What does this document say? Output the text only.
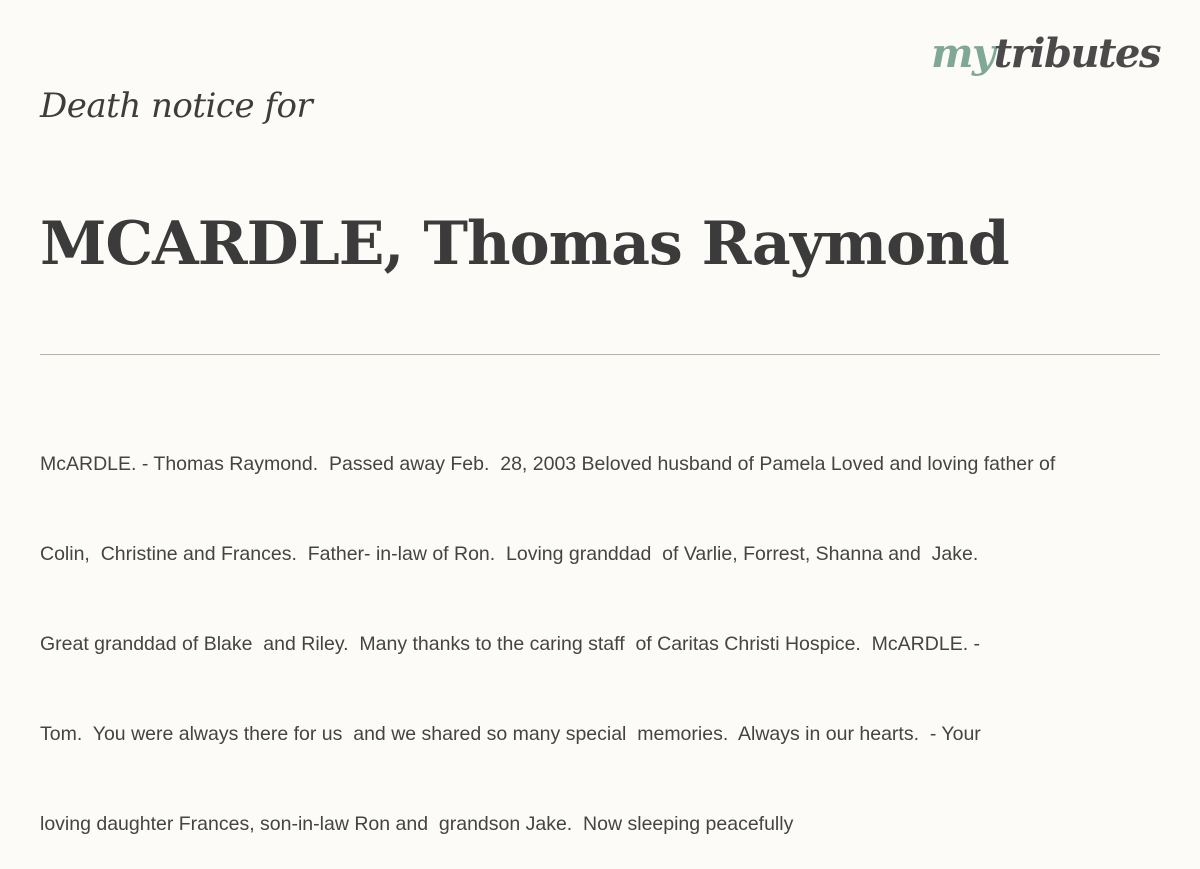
mytributes
Death notice for
MCARDLE, Thomas Raymond

McARDLE. - Thomas Raymond.  Passed away Feb.  28, 2003 Beloved husband of Pamela Loved and loving father of

Colin,  Christine and Frances.  Father- in-law of Ron.  Loving granddad  of Varlie, Forrest, Shanna and  Jake.

Great granddad of Blake  and Riley.  Many thanks to the caring staff  of Caritas Christi Hospice.  McARDLE. -

Tom.  You were always there for us  and we shared so many special  memories.  Always in our hearts.  - Your

loving daughter Frances, son-in-law Ron and  grandson Jake.  Now sleeping peacefully
